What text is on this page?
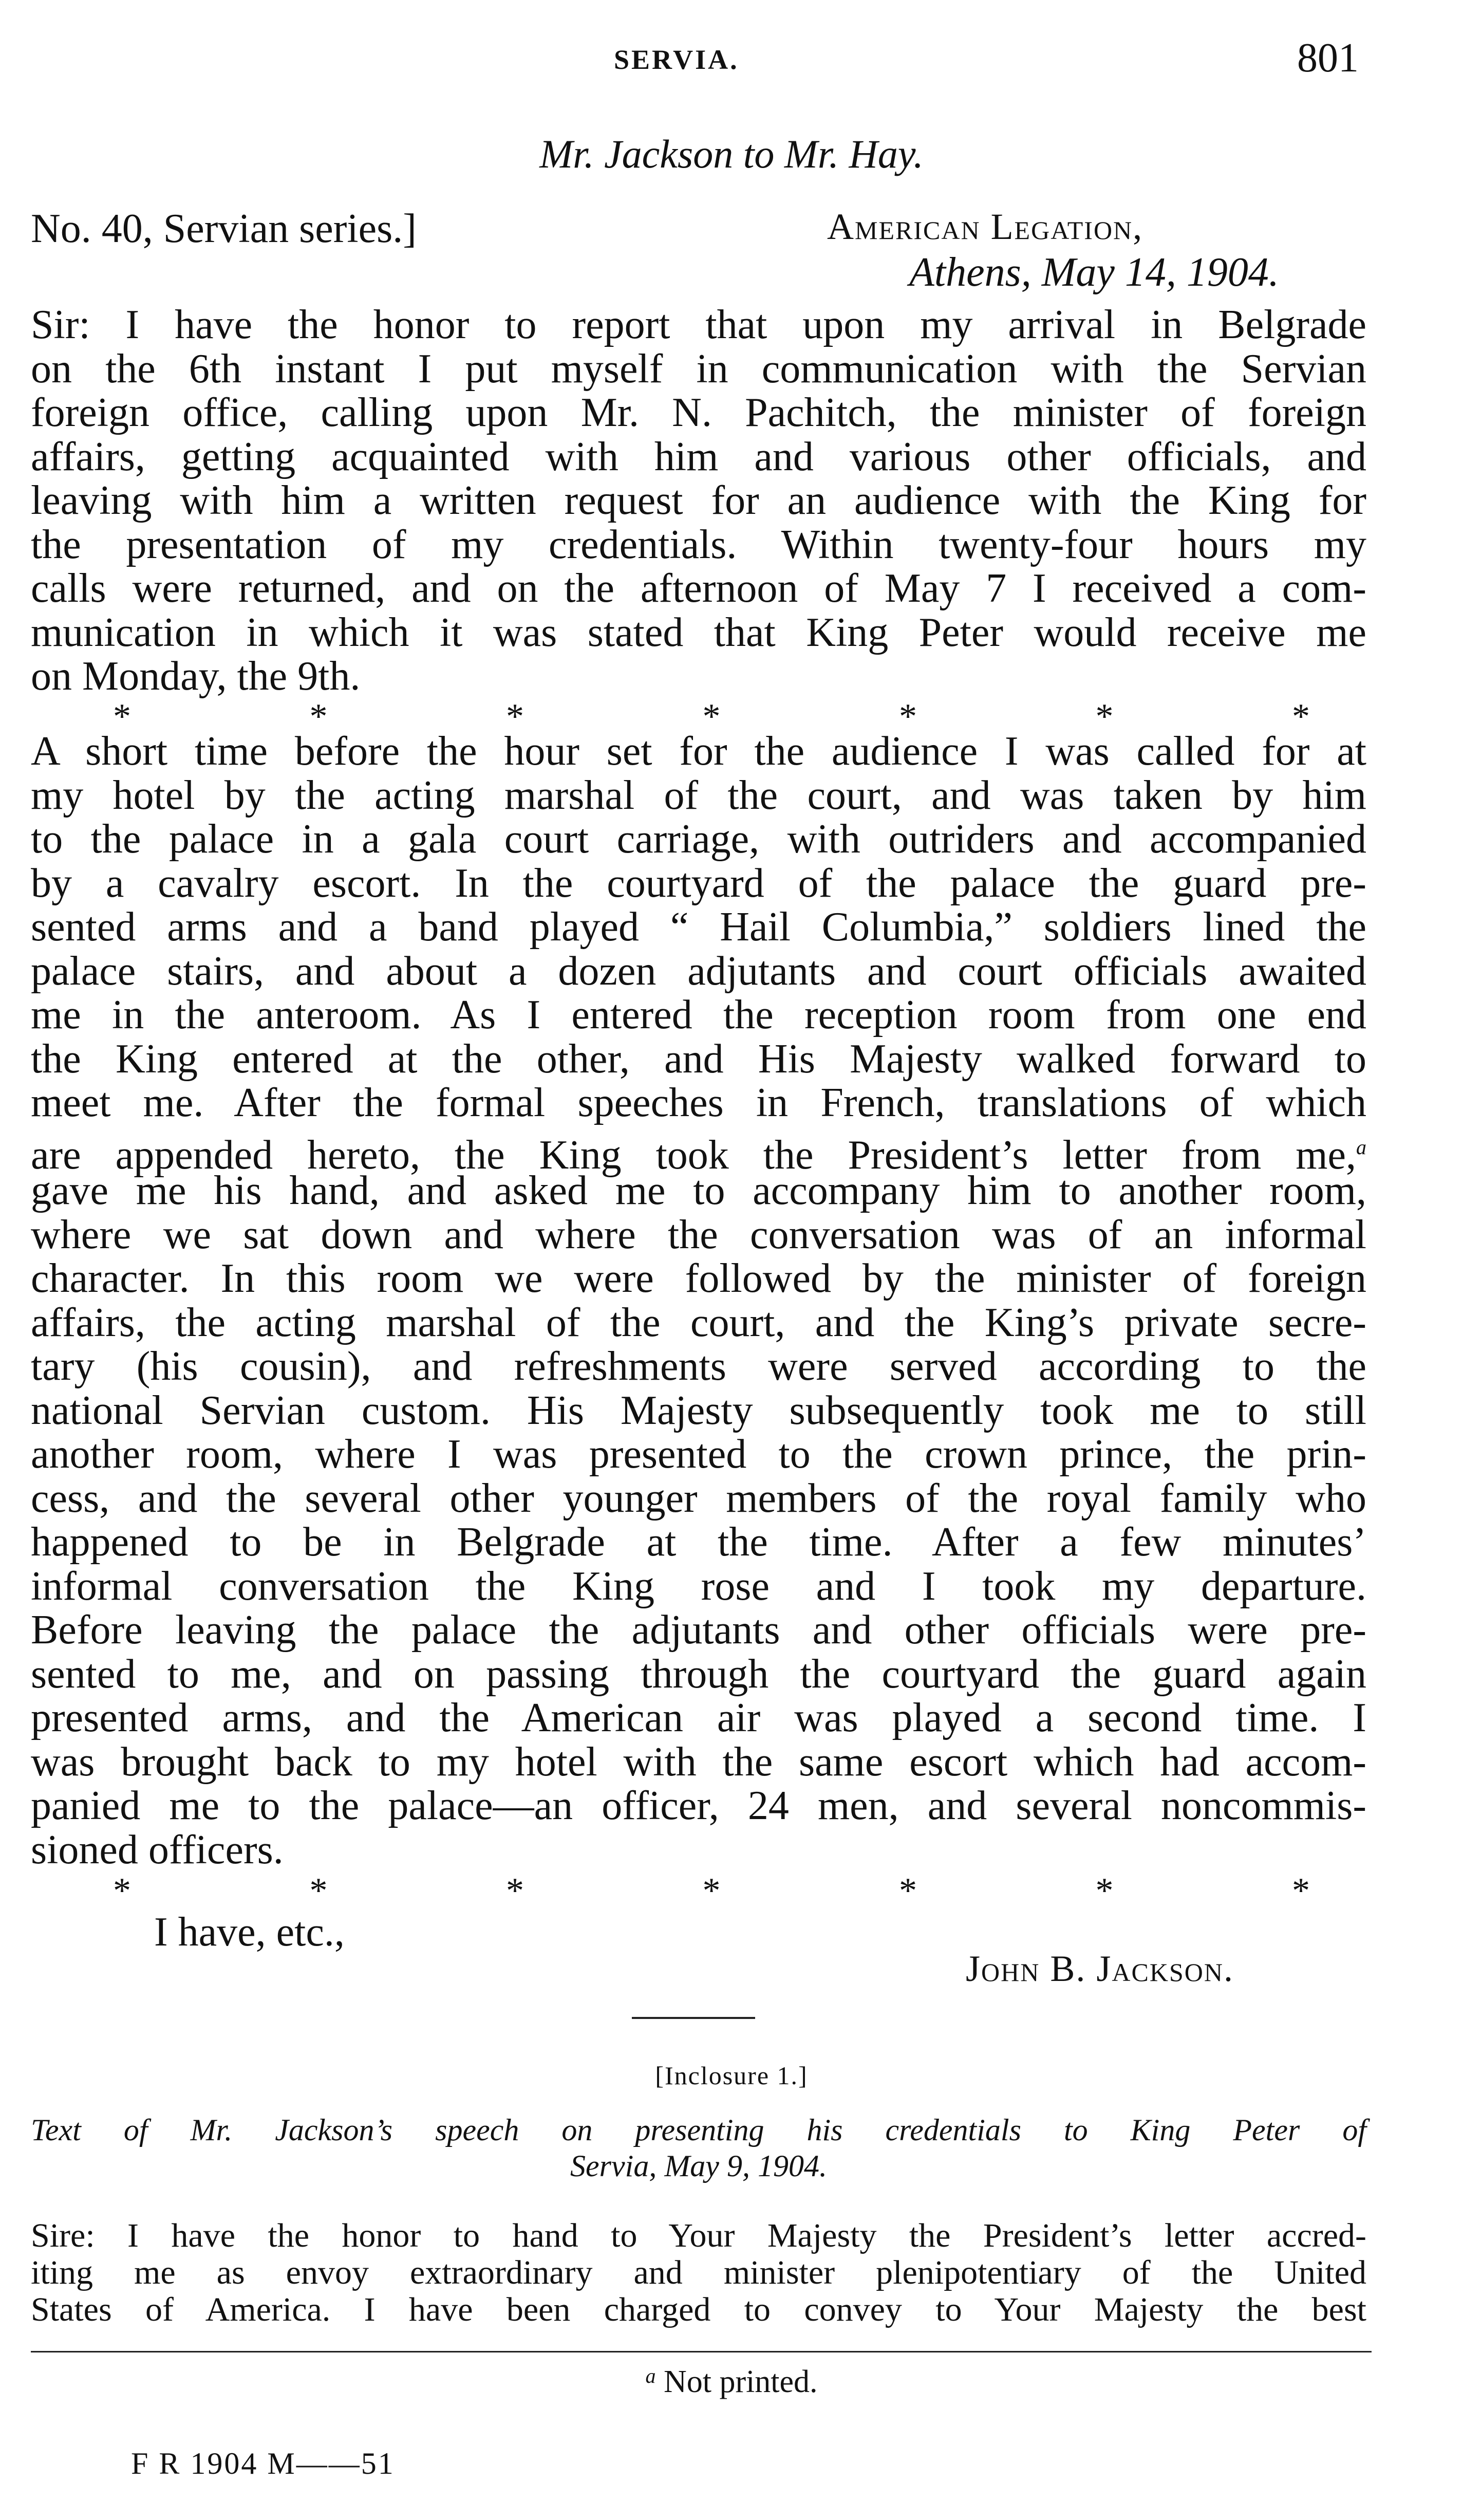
SERVIA.	801
Mr. Jackson to Mr. Hay.
No. 40, Servian series.]	American Legation,
Athens, May 14, 1904.
Sir: I have the honor to report that upon my arrival in Belgrade
on the 6th instant I put myself in communication with the Servian
foreign office, calling upon Mr. N. Pachitch, the minister of foreign
affairs, getting acquainted with him and various other officials, and
leaving with him a written request for an audience with the King for
the presentation of my credentials. Within twenty-four hours my
calls were returned, and on the afternoon of May 7 I received a com-
munication in which it was stated that King Peter would receive me
on Monday, the 9th.
*	*	*	*	*	*	*
A short time before the hour set for the audience I was called for at
my hotel by the acting marshal of the court, and was taken by him
to the palace in a gala court carriage, with outriders and accompanied
by a cavalry escort. In the courtyard of the palace the guard pre-
sented arms and a band played “ Hail Columbia,” soldiers lined the
palace stairs, and about a dozen adjutants and court officials awaited
me in the anteroom. As I entered the reception room from one end
the King entered at the other, and His Majesty walked forward to
meet me. After the formal speeches in French, translations of which
are appended hereto, the King took the President’s letter from me,$^a$
gave me his hand, and asked me to accompany him to another room,
where we sat down and where the conversation was of an informal
character. In this room we were followed by the minister of foreign
affairs, the acting marshal of the court, and the King’s private secre-
tary (his cousin), and refreshments were served according to the
national Servian custom. His Majesty subsequently took me to still
another room, where I was presented to the crown prince, the prin-
cess, and the several other younger members of the royal family who
happened to be in Belgrade at the time. After a few minutes’
informal conversation the King rose and I took my departure.
Before leaving the palace the adjutants and other officials were pre-
sented to me, and on passing through the courtyard the guard again
presented arms, and the American air was played a second time. I
was brought back to my hotel with the same escort which had accom-
panied me to the palace—an officer, 24 men, and several noncommis-
sioned officers.
*	*	*	*	*	*	*
I have, etc.,
John B. Jackson.
[Inclosure 1.]
Text of Mr. Jackson’s speech on presenting his credentials to King Peter of
Servia, May 9, 1904.
Sire: I have the honor to hand to Your Majesty the President’s letter accred-
iting me as envoy extraordinary and minister plenipotentiary of the United
States of America. I have been charged to convey to Your Majesty the best
$^a$ Not printed.
F R 1904 M——51
